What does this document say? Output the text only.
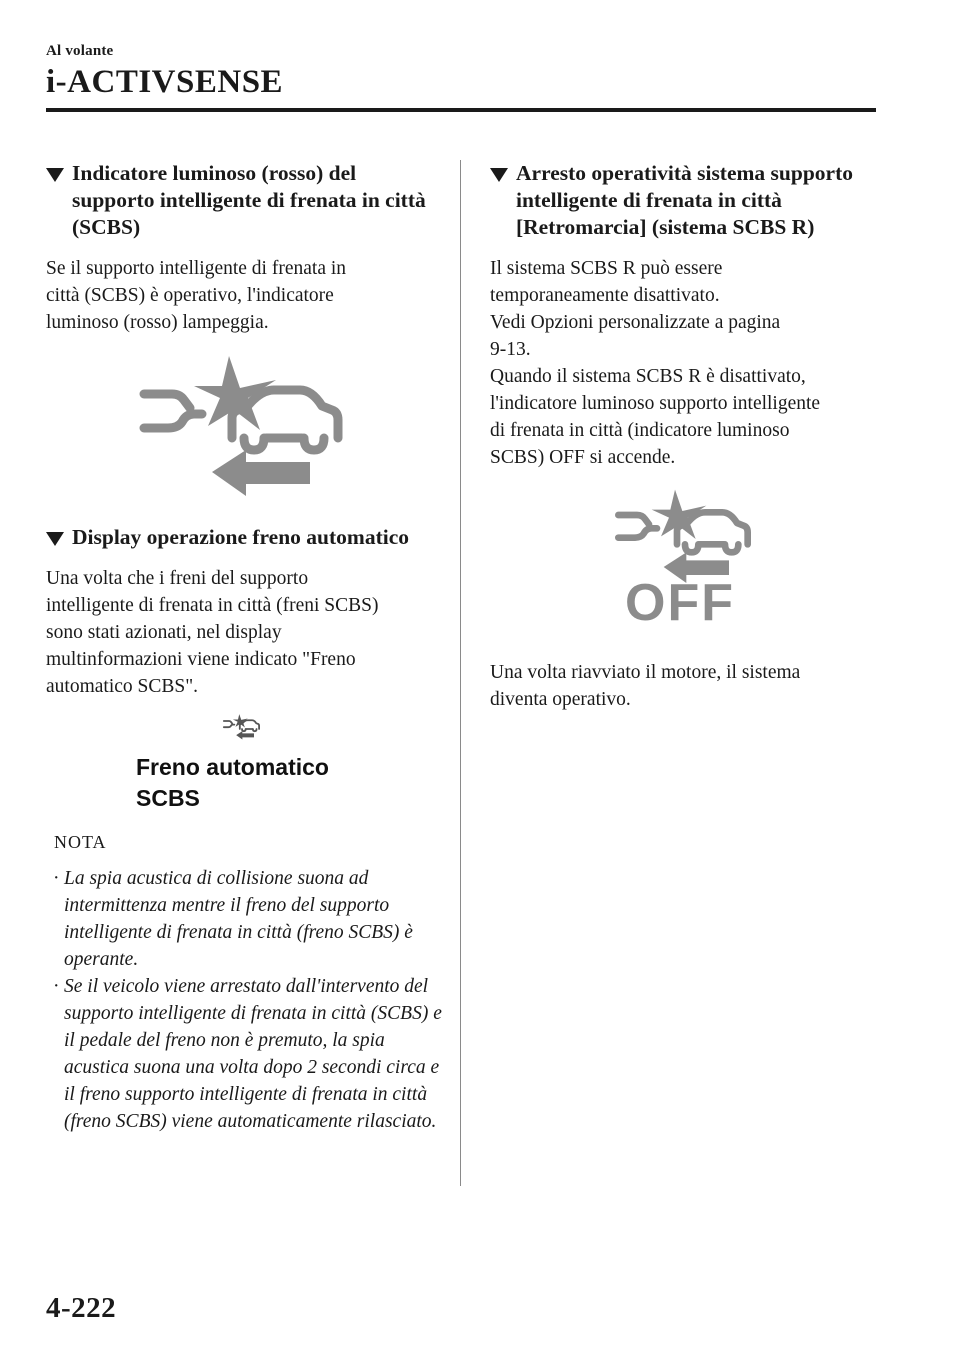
Al volante
i-ACTIVSENSE
Indicatore luminoso (rosso) del supporto intelligente di frenata in città (SCBS)

Se il supporto intelligente di frenata in
città (SCBS) è operativo, l'indicatore
luminoso (rosso) lampeggia.

Display operazione freno automatico

Una volta che i freni del supporto
intelligente di frenata in città (freni SCBS)
sono stati azionati, nel display
multinformazioni viene indicato "Freno
automatico SCBS".

Freno automatico
SCBS
NOTA
· La spia acustica di collisione suona ad intermittenza mentre il freno del supporto intelligente di frenata in città (freno SCBS) è operante.
· Se il veicolo viene arrestato dall'intervento del supporto intelligente di frenata in città (SCBS) e il pedale del freno non è premuto, la spia acustica suona una volta dopo 2 secondi circa e il freno supporto intelligente di frenata in città (freno SCBS) viene automaticamente rilasciato.
Arresto operatività sistema supporto intelligente di frenata in città [Retromarcia] (sistema SCBS R)

Il sistema SCBS R può essere
temporaneamente disattivato.
Vedi Opzioni personalizzate a pagina
9-13.
Quando il sistema SCBS R è disattivato,
l'indicatore luminoso supporto intelligente
di frenata in città (indicatore luminoso
SCBS) OFF si accende.

OFF

Una volta riavviato il motore, il sistema
diventa operativo.

4-222
